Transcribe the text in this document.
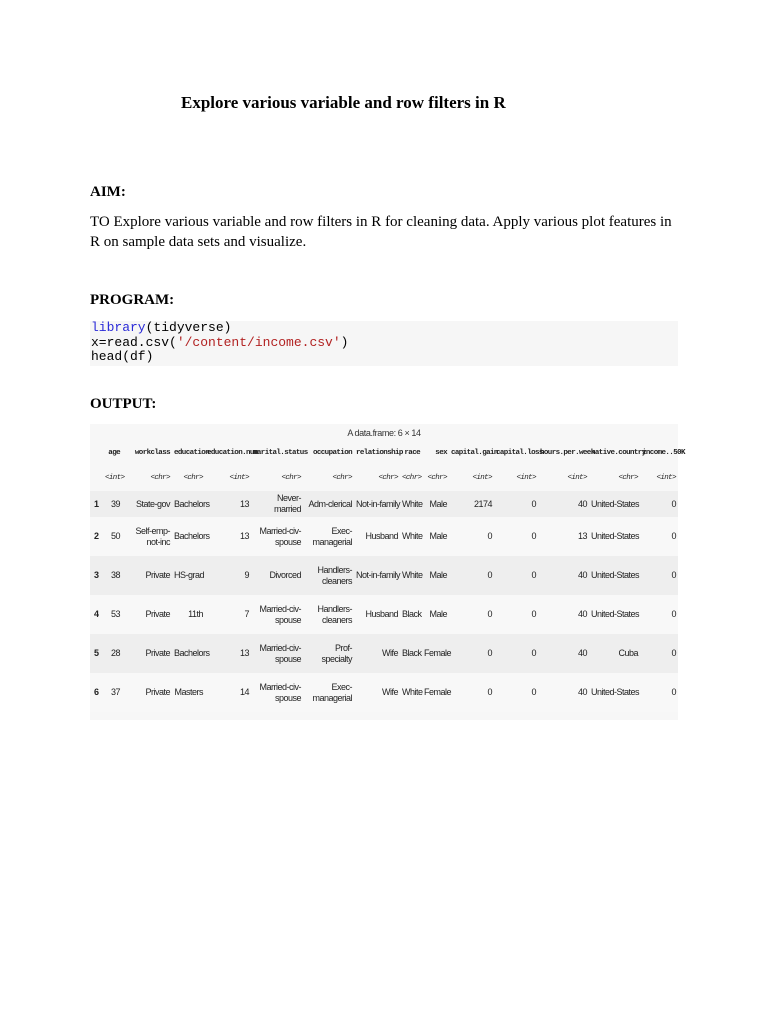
Explore various variable and row filters in R
AIM:

TO Explore various variable and row filters in R for cleaning data. Apply various plot features in R on sample data sets and visualize.

PROGRAM:
library(tidyverse)
x=read.csv('/content/income.csv')
head(df)
OUTPUT:
A data.frame: 6 × 14
	age	workclass	education	education.num	marital.status	occupation	relationship	race	sex	capital.gain	capital.loss	hours.per.week	native.country	income..50K
	<int>	<chr>	<chr>	<int>	<chr>	<chr>	<chr>	<chr>	<chr>	<int>	<int>	<int>	<chr>	<int>
1	39	State-gov	Bachelors	13	Never-married	Adm-clerical	Not-in-family	White	Male	2174	0	40	United-States	0
2	50	Self-emp-not-inc	Bachelors	13	Married-civ-spouse	Exec-managerial	Husband	White	Male	0	0	13	United-States	0
3	38	Private	HS-grad	9	Divorced	Handlers-cleaners	Not-in-family	White	Male	0	0	40	United-States	0
4	53	Private	11th	7	Married-civ-spouse	Handlers-cleaners	Husband	Black	Male	0	0	40	United-States	0
5	28	Private	Bachelors	13	Married-civ-spouse	Prof-specialty	Wife	Black	Female	0	0	40	Cuba	0
6	37	Private	Masters	14	Married-civ-spouse	Exec-managerial	Wife	White	Female	0	0	40	United-States	0
